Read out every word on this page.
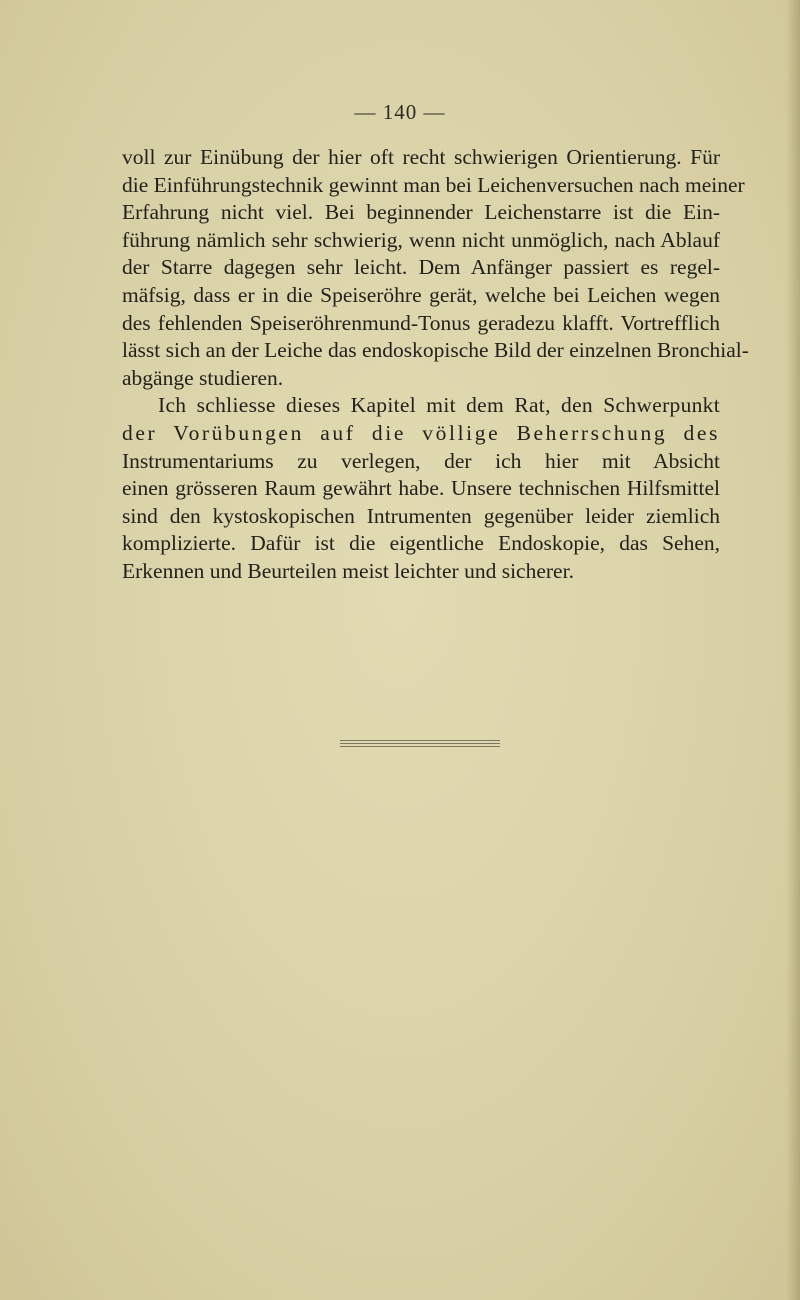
— 140 —
voll zur Einübung der hier oft recht schwierigen Orientierung. Für
die Einführungstechnik gewinnt man bei Leichenversuchen nach meiner
Erfahrung nicht viel. Bei beginnender Leichenstarre ist die Ein-
führung nämlich sehr schwierig, wenn nicht unmöglich, nach Ablauf
der Starre dagegen sehr leicht. Dem Anfänger passiert es regel-
mäfsig, dass er in die Speiseröhre gerät, welche bei Leichen wegen
des fehlenden Speiseröhrenmund-Tonus geradezu klafft. Vortrefflich
lässt sich an der Leiche das endoskopische Bild der einzelnen Bronchial-
abgänge studieren.
Ich schliesse dieses Kapitel mit dem Rat, den Schwerpunkt
der Vorübungen auf die völlige Beherrschung des
Instrumentariums zu verlegen, der ich hier mit Absicht
einen grösseren Raum gewährt habe. Unsere technischen Hilfsmittel
sind den kystoskopischen Intrumenten gegenüber leider ziemlich
komplizierte. Dafür ist die eigentliche Endoskopie, das Sehen,
Erkennen und Beurteilen meist leichter und sicherer.
